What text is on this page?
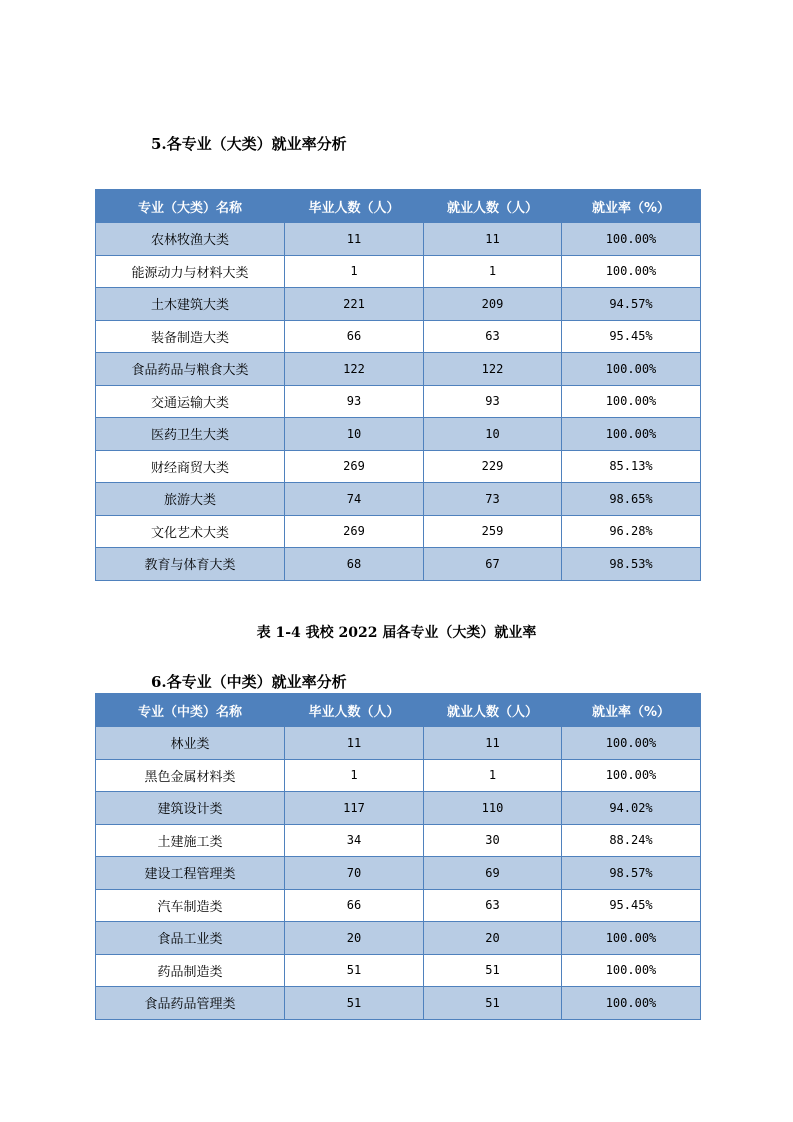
5.各专业（大类）就业率分析
专业（大类）名称	毕业人数（人）	就业人数（人）	就业率（%）
农林牧渔大类	11	11	100.00%
能源动力与材料大类	1	1	100.00%
土木建筑大类	221	209	94.57%
装备制造大类	66	63	95.45%
食品药品与粮食大类	122	122	100.00%
交通运输大类	93	93	100.00%
医药卫生大类	10	10	100.00%
财经商贸大类	269	229	85.13%
旅游大类	74	73	98.65%
文化艺术大类	269	259	96.28%
教育与体育大类	68	67	98.53%

表 1-4 我校 2022 届各专业（大类）就业率

6.各专业（中类）就业率分析
专业（中类）名称	毕业人数（人）	就业人数（人）	就业率（%）
林业类	11	11	100.00%
黑色金属材料类	1	1	100.00%
建筑设计类	117	110	94.02%
土建施工类	34	30	88.24%
建设工程管理类	70	69	98.57%
汽车制造类	66	63	95.45%
食品工业类	20	20	100.00%
药品制造类	51	51	100.00%
食品药品管理类	51	51	100.00%
